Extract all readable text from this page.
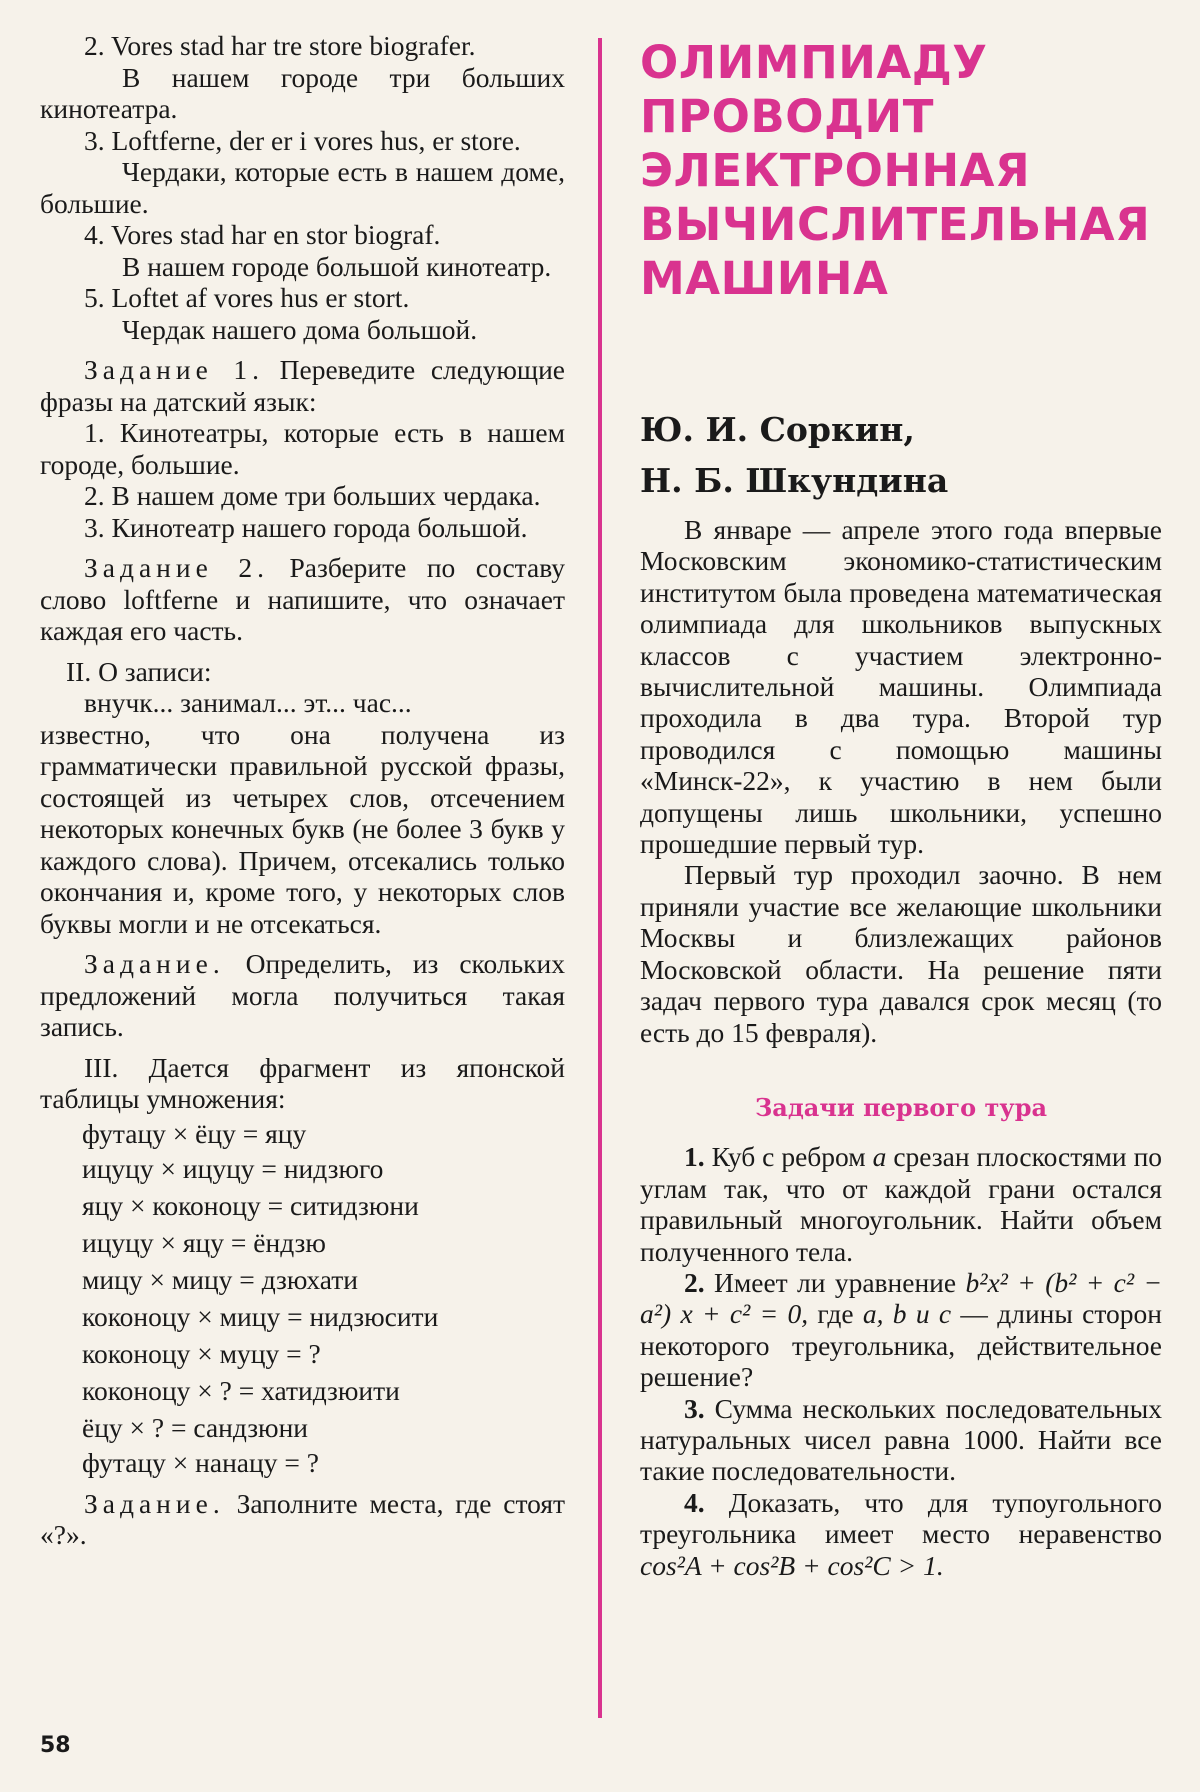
2. Vores stad har tre store biografer.

В нашем городе три больших кинотеатра.

3. Loftferne, der er i vores hus, er store.

Чердаки, которые есть в нашем доме, большие.

4. Vores stad har en stor biograf.

В нашем городе большой кинотеатр.

5. Loftet af vores hus er stort.

Чердак нашего дома большой.

Задание 1. Переведите следующие фразы на датский язык:

1. Кинотеатры, которые есть в нашем городе, большие.

2. В нашем доме три больших чердака.

3. Кинотеатр нашего города большой.

Задание 2. Разберите по составу слово loftferne и напишите, что означает каждая его часть.

II. О записи:

внучк... занимал... эт... час...

известно, что она получена из грамматически правильной русской фразы, состоящей из четырех слов, отсечением некоторых конечных букв (не более 3 букв у каждого слова). Причем, отсекались только окончания и, кроме того, у некоторых слов буквы могли и не отсекаться.

Задание. Определить, из скольких предложений могла получиться такая запись.

III. Дается фрагмент из японской таблицы умножения:

футацу × ёцу = яцу
ицуцу × ицуцу = нидзюго
яцу × коконоцу = ситидзюни
ицуцу × яцу = ёндзю
мицу × мицу = дзюхати
коконоцу × мицу = нидзюсити
коконоцу × муцу = ?
коконоцу × ? = хатидзюити
ёцу × ? = сандзюни
футацу × нанацу = ?

Задание. Заполните места, где стоят «?».

ОЛИМПИАДУ ПРОВОДИТ ЭЛЕКТРОННАЯ ВЫЧИСЛИТЕЛЬНАЯ МАШИНА
Ю. И. Соркин,
Н. Б. Шкундина

В январе — апреле этого года впервые Московским экономико-статистическим институтом была проведена математическая олимпиада для школьников выпускных классов с участием электронно-вычислительной машины. Олимпиада проходила в два тура. Второй тур проводился с помощью машины «Минск-22», к участию в нем были допущены лишь школьники, успешно прошедшие первый тур.

Первый тур проходил заочно. В нем приняли участие все желающие школьники Москвы и близлежащих районов Московской области. На решение пяти задач первого тура давался срок месяц (то есть до 15 февраля).

Задачи первого тура

1. Куб с ребром a срезан плоскостями по углам так, что от каждой грани остался правильный многоугольник. Найти объем полученного тела.

2. Имеет ли уравнение b²x² + (b² + c² − a²) x + c² = 0, где a, b и c — длины сторон некоторого треугольника, действительное решение?

3. Сумма нескольких последовательных натуральных чисел равна 1000. Найти все такие последовательности.

4. Доказать, что для тупоугольного треугольника имеет место неравенство cos²A + cos²B + cos²C > 1.

58
